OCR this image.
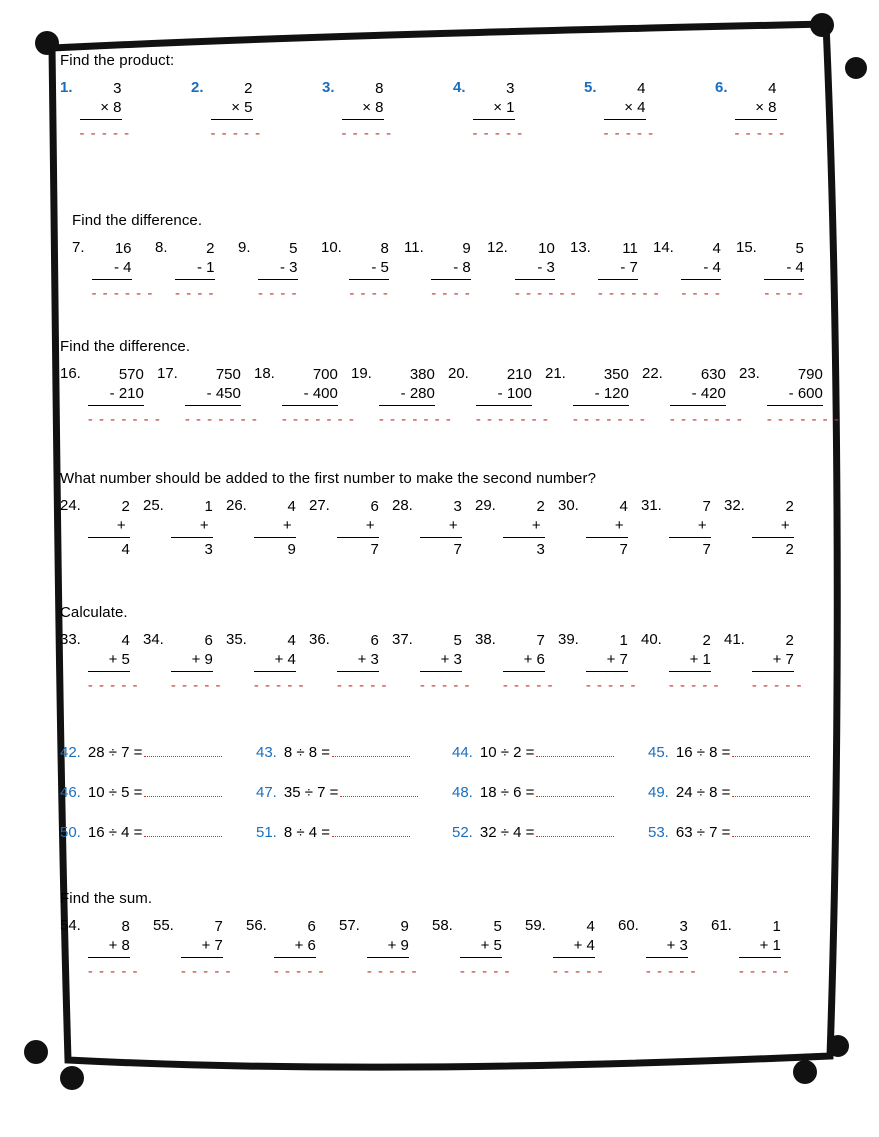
Find the product:
1.	3
× 8
- - - - -
2.	2
× 5
- - - - -
3.	8
× 8
- - - - -
4.	3
× 1
- - - - -
5.	4
× 4
- - - - -
6.	4
× 8
- - - - -
Find the difference.
7.	16
- 4
- - - - - -
8.	2
- 1
- - - -
9.	5
- 3
- - - -
10.	8
- 5
- - - -
11.	9
- 8
- - - -
12.	10
- 3
- - - - - -
13.	11
- 7
- - - - - -
14.	4
- 4
- - - -
15.	5
- 4
- - - -
Find the difference.
16.	570
- 210
- - - - - - -
17.	750
- 450
- - - - - - -
18.	700
- 400
- - - - - - -
19.	380
- 280
- - - - - - -
20.	210
- 100
- - - - - - -
21.	350
- 120
- - - - - - -
22.	630
- 420
- - - - - - -
23.	790
- 600
- - - - - - -
What number should be added to the first number to make the second number?
24.	2
+
4
25.	1
+
3
26.	4
+
9
27.	6
+
7
28.	3
+
7
29.	2
+
3
30.	4
+
7
31.	7
+
7
32.	2
+
2
Calculate.
33.	4
+ 5
- - - - -
34.	6
+ 9
- - - - -
35.	4
+ 4
- - - - -
36.	6
+ 3
- - - - -
37.	5
+ 3
- - - - -
38.	7
+ 6
- - - - -
39.	1
+ 7
- - - - -
40.	2
+ 1
- - - - -
41.	2
+ 7
- - - - -
Find the sum.
54.	8
+ 8
- - - - -
55.	7
+ 7
- - - - -
56.	6
+ 6
- - - - -
57.	9
+ 9
- - - - -
58.	5
+ 5
- - - - -
59.	4
+ 4
- - - - -
60.	3
+ 3
- - - - -
61.	1
+ 1
- - - - -
42. 28 ÷ 7 =	43. 8 ÷ 8 =	44. 10 ÷ 2 =	45. 16 ÷ 8 =
46. 10 ÷ 5 =	47. 35 ÷ 7 =	48. 18 ÷ 6 =	49. 24 ÷ 8 =
50. 16 ÷ 4 =	51. 8 ÷ 4 =	52. 32 ÷ 4 =	53. 63 ÷ 7 =
